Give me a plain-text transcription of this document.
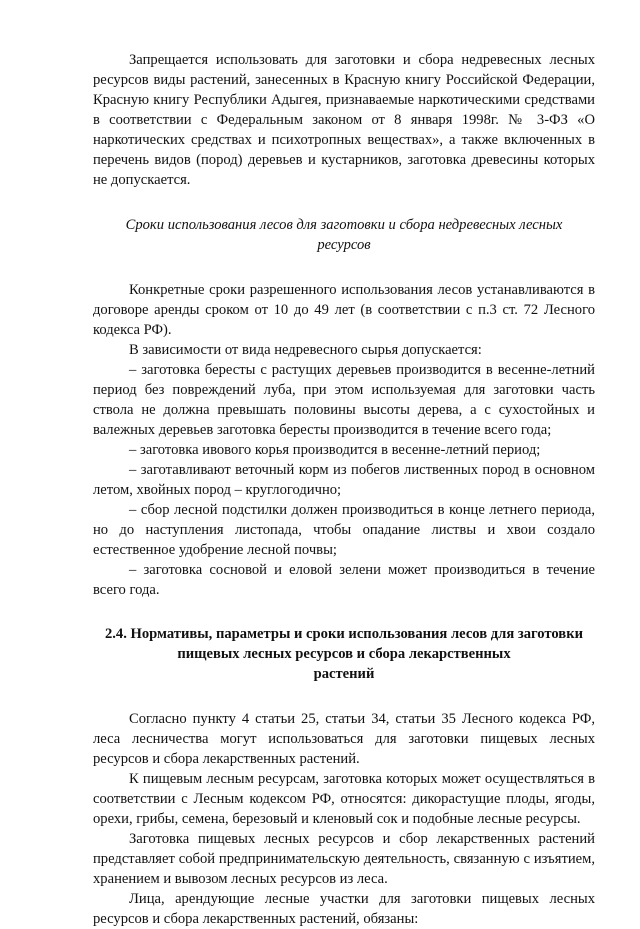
Запрещается использовать для заготовки и сбора недревесных лесных ресурсов виды растений, занесенных в Красную книгу Российской Федерации, Красную книгу Республики Адыгея, признаваемые наркотическими средствами в соответствии с Федеральным законом от 8 января 1998г. № 3-ФЗ «О наркотических средствах и психотропных веществах», а также включенных в перечень видов (пород) деревьев и кустарников, заготовка древесины которых не допускается.

Сроки использования лесов для заготовки и сбора недревесных лесных ресурсов

Конкретные сроки разрешенного использования лесов устанавливаются в договоре аренды сроком от 10 до 49 лет (в соответствии с п.3 ст. 72 Лесного кодекса РФ).

В зависимости от вида недревесного сырья допускается:

– заготовка бересты с растущих деревьев производится в весенне-летний период без повреждений луба, при этом используемая для заготовки часть ствола не должна превышать половины высоты дерева, а с сухостойных и валежных деревьев заготовка бересты производится в течение всего года;

– заготовка ивового корья производится в весенне-летний период;

– заготавливают веточный корм из побегов лиственных пород в основном летом, хвойных пород – круглогодично;

– сбор лесной подстилки должен производиться в конце летнего периода, но до наступления листопада, чтобы опадание листвы и хвои создало естественное удобрение лесной почвы;

– заготовка сосновой и еловой зелени может производиться в течение всего года.

2.4. Нормативы, параметры и сроки использования лесов для заготовки
пищевых лесных ресурсов и сбора лекарственных
растений

Согласно пункту 4 статьи 25, статьи 34, статьи 35 Лесного кодекса РФ, леса лесничества могут использоваться для заготовки пищевых лесных ресурсов и сбора лекарственных растений.

К пищевым лесным ресурсам, заготовка которых может осуществляться в соответствии с Лесным кодексом РФ, относятся: дикорастущие плоды, ягоды, орехи, грибы, семена, березовый и кленовый сок и подобные лесные ресурсы.

Заготовка пищевых лесных ресурсов и сбор лекарственных растений представляет собой предпринимательскую деятельность, связанную с изъятием, хранением и вывозом лесных ресурсов из леса.

Лица, арендующие лесные участки для заготовки пищевых лесных ресурсов и сбора лекарственных растений, обязаны:
